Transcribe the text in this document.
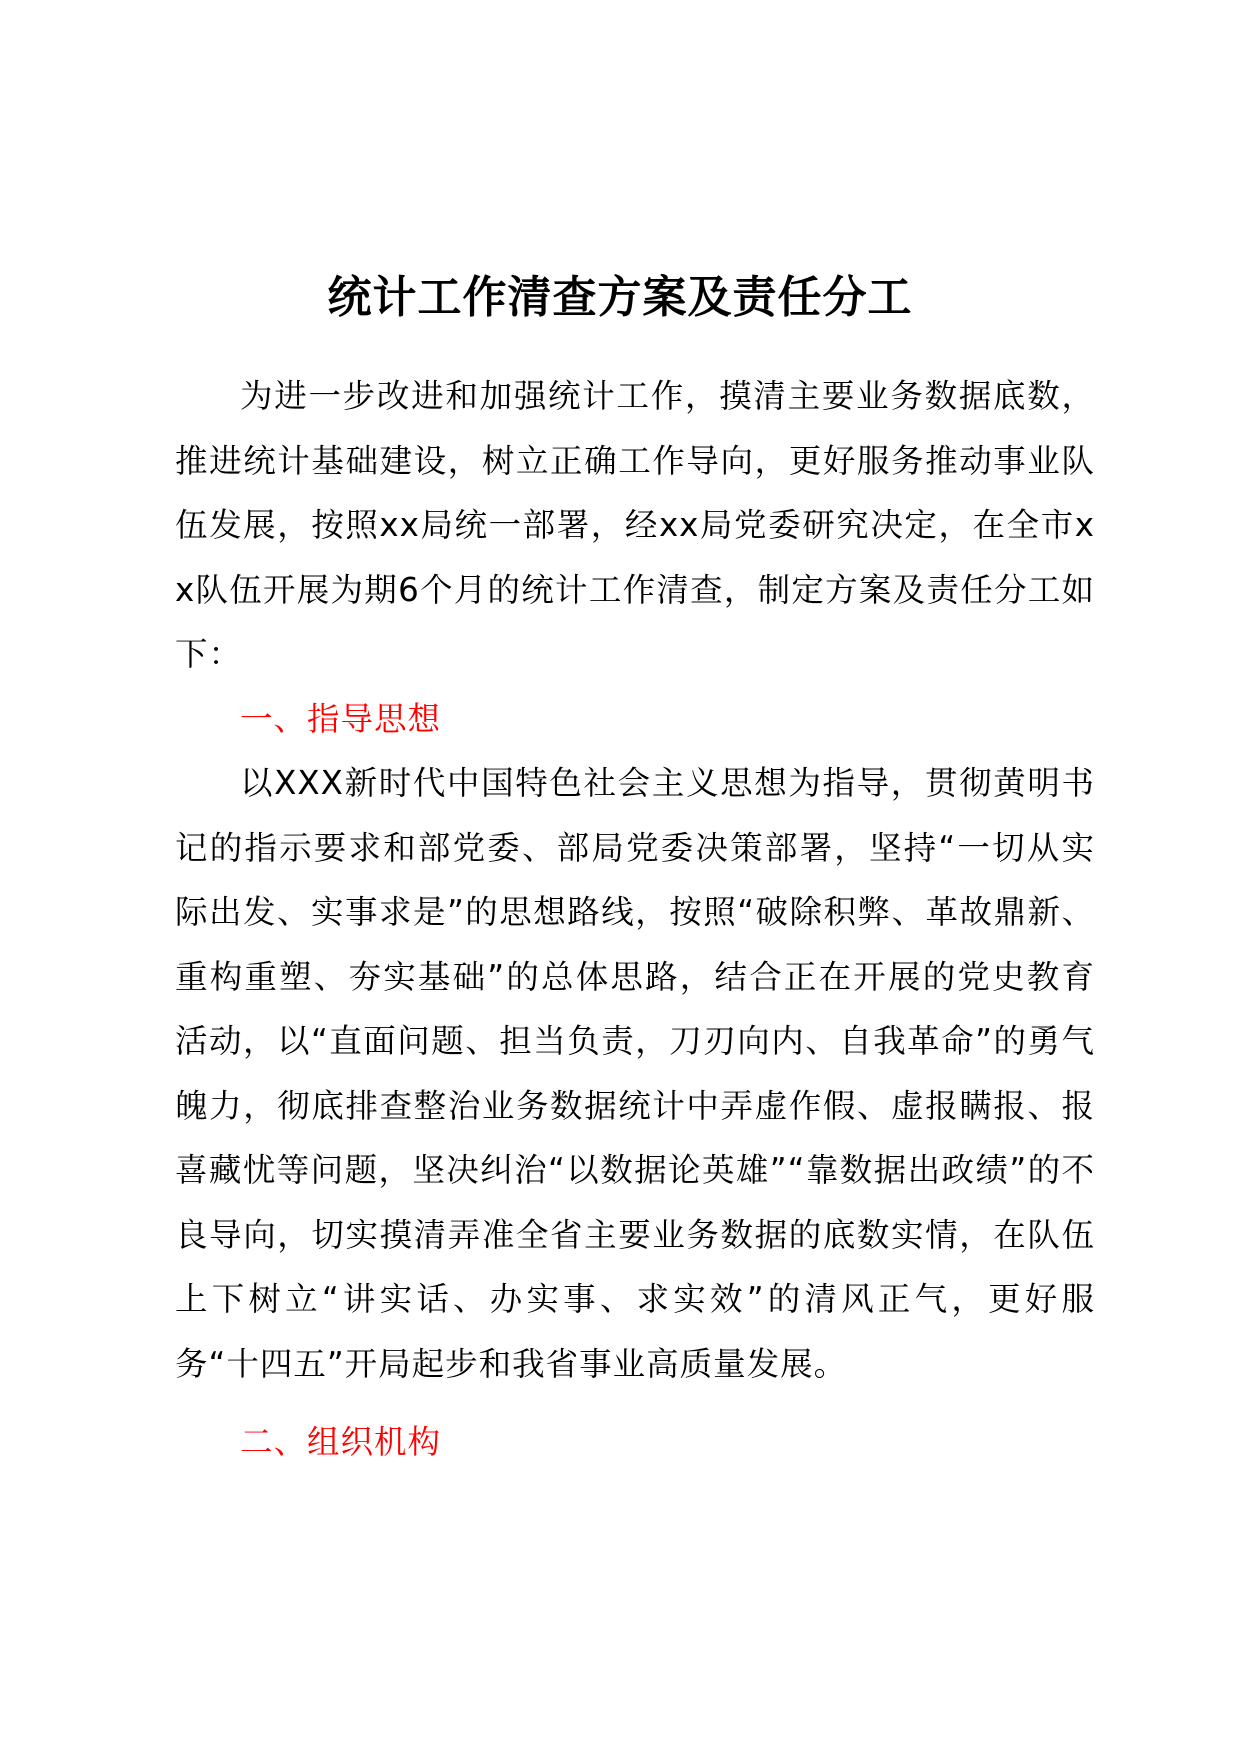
统计工作清查方案及责任分工

为进一步改进和加强统计工作，摸清主要业务数据底数，推进统计基础建设，树立正确工作导向，更好服务推动事业队伍发展，按照xx局统一部署，经xx局党委研究决定，在全市xx队伍开展为期6个月的统计工作清查，制定方案及责任分工如下：

一、指导思想

以XXX新时代中国特色社会主义思想为指导，贯彻黄明书记的指示要求和部党委、部局党委决策部署，坚持“一切从实际出发、实事求是”的思想路线，按照“破除积弊、革故鼎新、重构重塑、夯实基础”的总体思路，结合正在开展的党史教育活动，以“直面问题、担当负责，刀刃向内、自我革命”的勇气魄力，彻底排查整治业务数据统计中弄虚作假、虚报瞒报、报喜藏忧等问题，坚决纠治“以数据论英雄”“靠数据出政绩”的不良导向，切实摸清弄准全省主要业务数据的底数实情，在队伍上下树立“讲实话、办实事、求实效”的清风正气，更好服务“十四五”开局起步和我省事业高质量发展。

二、组织机构
